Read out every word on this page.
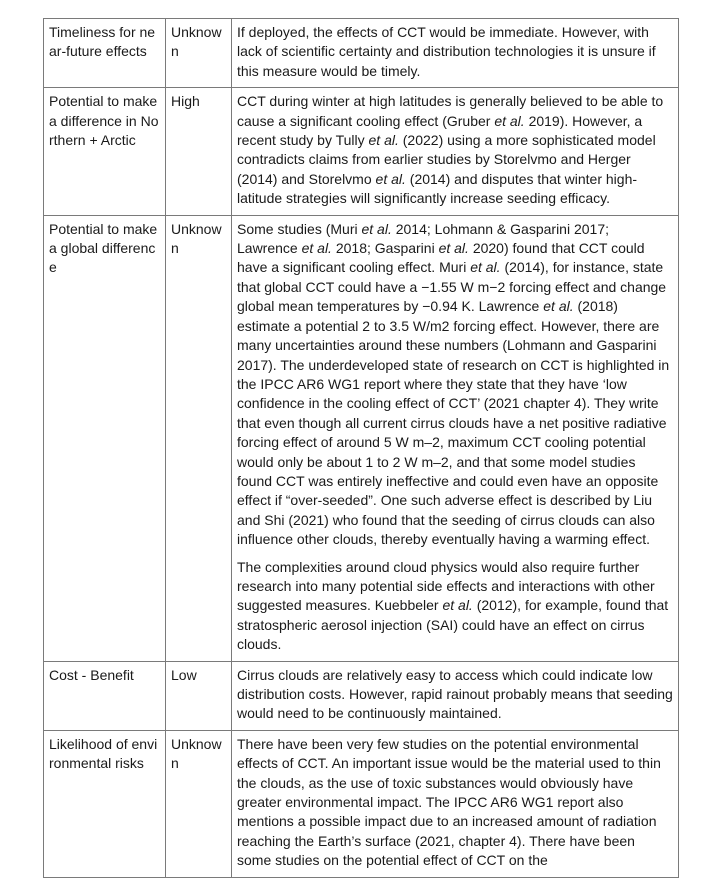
Timeliness for near-future effects	Unknown	If deployed, the effects of CCT would be immediate. However, with lack of scientific certainty and distribution technologies it is unsure if this measure would be timely.

Potential to make a difference in Northern + Arctic	High	CCT during winter at high latitudes is generally believed to be able to cause a significant cooling effect (Gruber et al. 2019). However, a recent study by Tully et al. (2022) using a more sophisticated model contradicts claims from earlier studies by Storelvmo and Herger (2014) and Storelvmo et al. (2014) and disputes that winter high-latitude strategies will significantly increase seeding efficacy.

Potential to make a global difference	Unknown	Some studies (Muri et al. 2014; Lohmann & Gasparini 2017; Lawrence et al. 2018; Gasparini et al. 2020) found that CCT could have a significant cooling effect. Muri et al. (2014), for instance, state that global CCT could have a −1.55 W m−2 forcing effect and change global mean temperatures by −0.94 K. Lawrence et al. (2018) estimate a potential 2 to 3.5 W/m2 forcing effect. However, there are many uncertainties around these numbers (Lohmann and Gasparini 2017). The underdeveloped state of research on CCT is highlighted in the IPCC AR6 WG1 report where they state that they have ‘low confidence in the cooling effect of CCT’ (2021 chapter 4). They write that even though all current cirrus clouds have a net positive radiative forcing effect of around 5 W m–2, maximum CCT cooling potential would only be about 1 to 2 W m–2, and that some model studies found CCT was entirely ineffective and could even have an opposite effect if “over-seeded”. One such adverse effect is described by Liu and Shi (2021) who found that the seeding of cirrus clouds can also influence other clouds, thereby eventually having a warming effect.

The complexities around cloud physics would also require further research into many potential side effects and interactions with other suggested measures. Kuebbeler et al. (2012), for example, found that stratospheric aerosol injection (SAI) could have an effect on cirrus clouds.

Cost - Benefit	Low	Cirrus clouds are relatively easy to access which could indicate low distribution costs. However, rapid rainout probably means that seeding would need to be continuously maintained.

Likelihood of environmental risks	Unknown	There have been very few studies on the potential environmental effects of CCT. An important issue would be the material used to thin the clouds, as the use of toxic substances would obviously have greater environmental impact. The IPCC AR6 WG1 report also mentions a possible impact due to an increased amount of radiation reaching the Earth’s surface (2021, chapter 4). There have been some studies on the potential effect of CCT on the
